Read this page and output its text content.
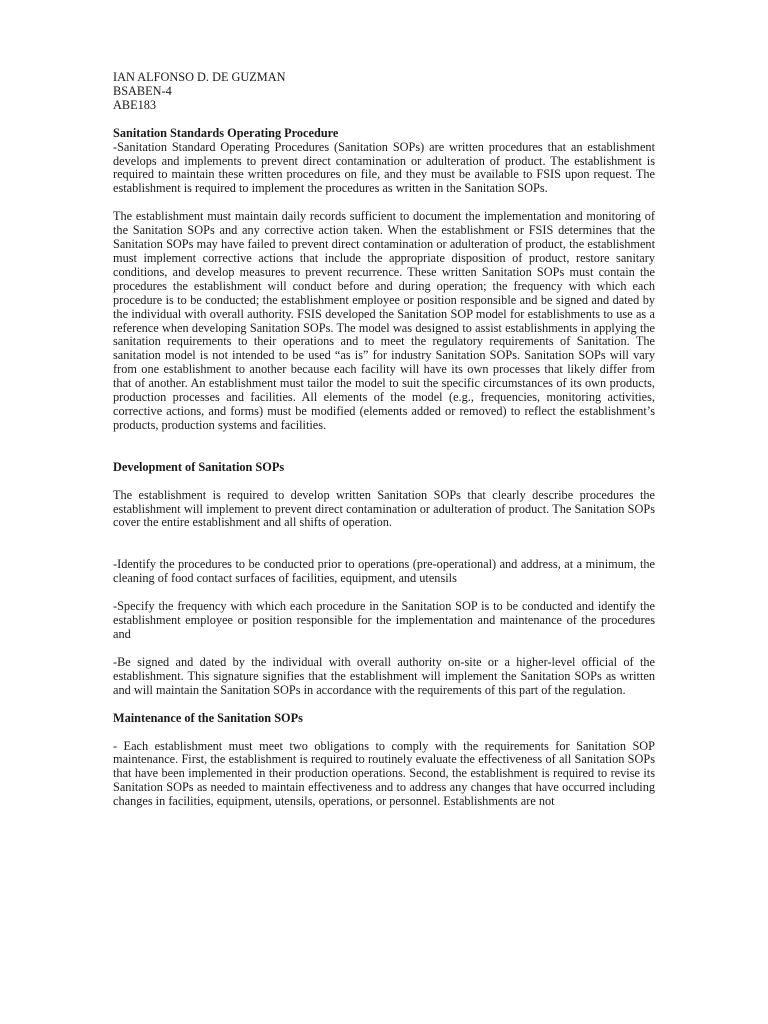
IAN ALFONSO D. DE GUZMAN
BSABEN-4
ABE183
Sanitation Standards Operating Procedure

-Sanitation Standard Operating Procedures (Sanitation SOPs) are written procedures that an establishment develops and implements to prevent direct contamination or adulteration of product. The establishment is required to maintain these written procedures on file, and they must be available to FSIS upon request. The establishment is required to implement the procedures as written in the Sanitation SOPs.

The establishment must maintain daily records sufficient to document the implementation and monitoring of the Sanitation SOPs and any corrective action taken. When the establishment or FSIS determines that the Sanitation SOPs may have failed to prevent direct contamination or adulteration of product, the establishment must implement corrective actions that include the appropriate disposition of product, restore sanitary conditions, and develop measures to prevent recurrence. These written Sanitation SOPs must contain the procedures the establishment will conduct before and during operation; the frequency with which each procedure is to be conducted; the establishment employee or position responsible and be signed and dated by the individual with overall authority. FSIS developed the Sanitation SOP model for establishments to use as a reference when developing Sanitation SOPs. The model was designed to assist establishments in applying the sanitation requirements to their operations and to meet the regulatory requirements of Sanitation. The sanitation model is not intended to be used “as is” for industry Sanitation SOPs. Sanitation SOPs will vary from one establishment to another because each facility will have its own processes that likely differ from that of another. An establishment must tailor the model to suit the specific circumstances of its own products, production processes and facilities. All elements of the model (e.g., frequencies, monitoring activities, corrective actions, and forms) must be modified (elements added or removed) to reflect the establishment’s products, production systems and facilities.

Development of Sanitation SOPs

The establishment is required to develop written Sanitation SOPs that clearly describe procedures the establishment will implement to prevent direct contamination or adulteration of product. The Sanitation SOPs cover the entire establishment and all shifts of operation.

-Identify the procedures to be conducted prior to operations (pre-operational) and address, at a minimum, the cleaning of food contact surfaces of facilities, equipment, and utensils

-Specify the frequency with which each procedure in the Sanitation SOP is to be conducted and identify the establishment employee or position responsible for the implementation and maintenance of the procedures and

-Be signed and dated by the individual with overall authority on-site or a higher-level official of the establishment. This signature signifies that the establishment will implement the Sanitation SOPs as written and will maintain the Sanitation SOPs in accordance with the requirements of this part of the regulation.

Maintenance of the Sanitation SOPs

- Each establishment must meet two obligations to comply with the requirements for Sanitation SOP maintenance. First, the establishment is required to routinely evaluate the effectiveness of all Sanitation SOPs that have been implemented in their production operations. Second, the establishment is required to revise its Sanitation SOPs as needed to maintain effectiveness and to address any changes that have occurred including changes in facilities, equipment, utensils, operations, or personnel. Establishments are not
